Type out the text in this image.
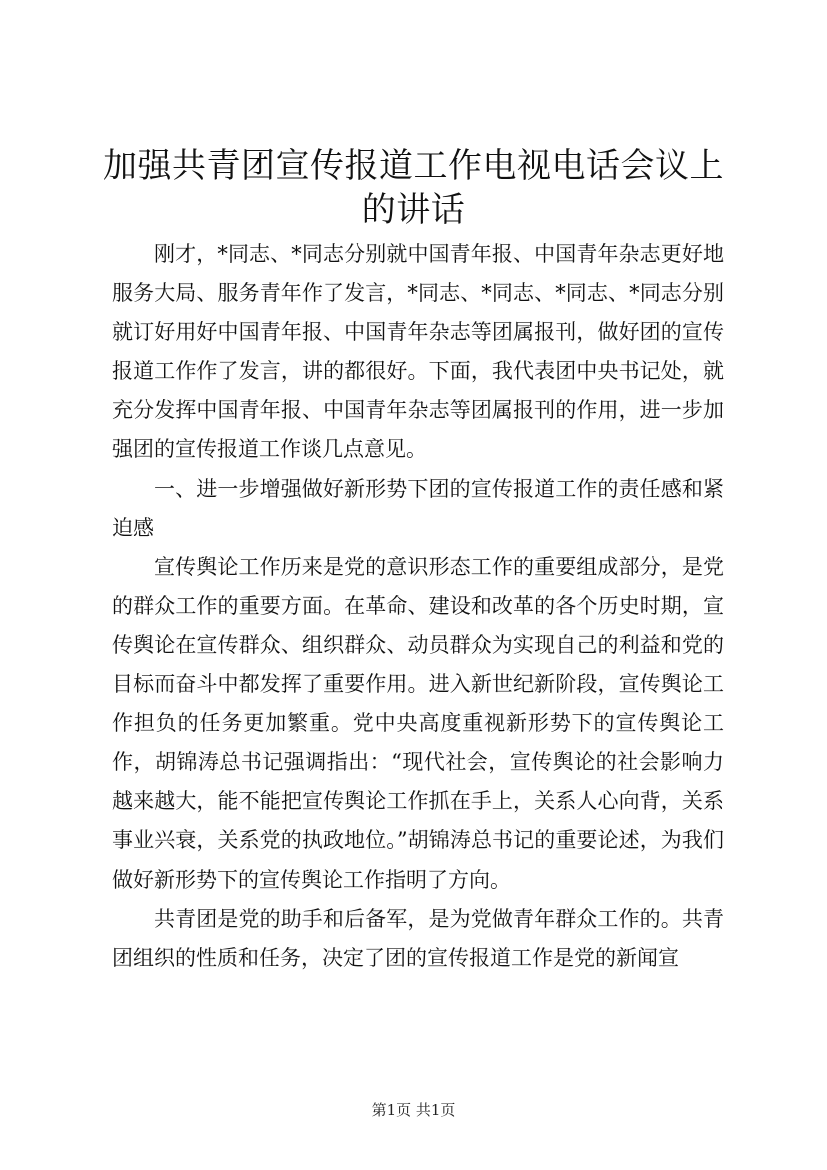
加强共青团宣传报道工作电视电话会议上的讲话

刚才，*同志、*同志分别就中国青年报、中国青年杂志更好地服务大局、服务青年作了发言，*同志、*同志、*同志、*同志分别就订好用好中国青年报、中国青年杂志等团属报刊，做好团的宣传报道工作作了发言，讲的都很好。下面，我代表团中央书记处，就充分发挥中国青年报、中国青年杂志等团属报刊的作用，进一步加强团的宣传报道工作谈几点意见。

一、进一步增强做好新形势下团的宣传报道工作的责任感和紧迫感

宣传舆论工作历来是党的意识形态工作的重要组成部分，是党的群众工作的重要方面。在革命、建设和改革的各个历史时期，宣传舆论在宣传群众、组织群众、动员群众为实现自己的利益和党的目标而奋斗中都发挥了重要作用。进入新世纪新阶段，宣传舆论工作担负的任务更加繁重。党中央高度重视新形势下的宣传舆论工作，胡锦涛总书记强调指出：“现代社会，宣传舆论的社会影响力越来越大，能不能把宣传舆论工作抓在手上，关系人心向背，关系事业兴衰，关系党的执政地位。”胡锦涛总书记的重要论述，为我们做好新形势下的宣传舆论工作指明了方向。

共青团是党的助手和后备军，是为党做青年群众工作的。共青团组织的性质和任务，决定了团的宣传报道工作是党的新闻宣

第1页 共1页
